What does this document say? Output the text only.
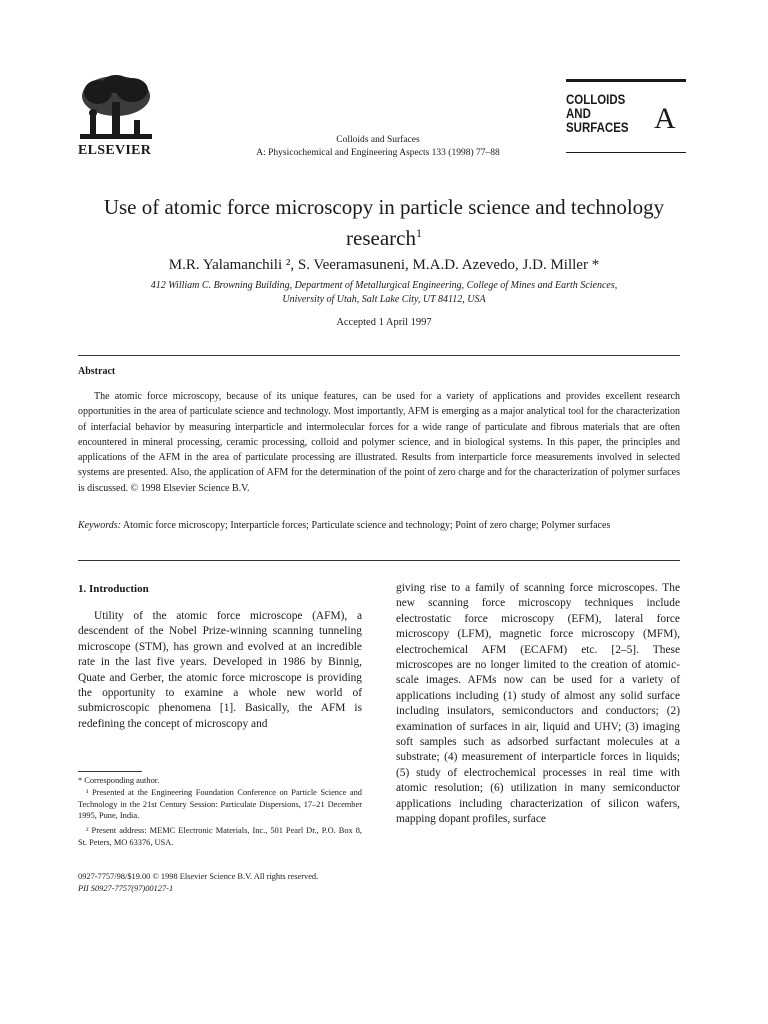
ELSEVIER
Colloids and Surfaces
A: Physicochemical and Engineering Aspects 133 (1998) 77–88
COLLOIDS
AND
SURFACES A
Use of atomic force microscopy in particle science and technology research$^1$
M.R. Yalamanchili ², S. Veeramasuneni, M.A.D. Azevedo, J.D. Miller *
412 William C. Browning Building, Department of Metallurgical Engineering, College of Mines and Earth Sciences,
University of Utah, Salt Lake City, UT 84112, USA
Accepted 1 April 1997
Abstract
The atomic force microscopy, because of its unique features, can be used for a variety of applications and provides excellent research opportunities in the area of particulate science and technology. Most importantly, AFM is emerging as a major analytical tool for the characterization of interfacial behavior by measuring interparticle and intermolecular forces for a wide range of particulate and fibrous materials that are often encountered in mineral processing, ceramic processing, colloid and polymer science, and in biological systems. In this paper, the principles and applications of the AFM in the area of particulate processing are illustrated. Results from interparticle force measurements involved in selected systems are presented. Also, the application of AFM for the determination of the point of zero charge and for the characterization of polymer surfaces is discussed. © 1998 Elsevier Science B.V.
Keywords: Atomic force microscopy; Interparticle forces; Particulate science and technology; Point of zero charge; Polymer surfaces
1. Introduction
Utility of the atomic force microscope (AFM), a descendent of the Nobel Prize-winning scanning tunneling microscope (STM), has grown and evolved at an incredible rate in the last five years. Developed in 1986 by Binnig, Quate and Gerber, the atomic force microscope is providing the opportunity to examine a whole new world of submicroscopic phenomena [1]. Basically, the AFM is redefining the concept of microscopy and
giving rise to a family of scanning force microscopes. The new scanning force microscopy techniques include electrostatic force microscopy (EFM), lateral force microscopy (LFM), magnetic force microscopy (MFM), electrochemical AFM (ECAFM) etc. [2–5]. These microscopes are no longer limited to the creation of atomic-scale images. AFMs now can be used for a variety of applications including (1) study of almost any solid surface including insulators, semiconductors and conductors; (2) examination of surfaces in air, liquid and UHV; (3) imaging soft samples such as adsorbed surfactant molecules at a substrate; (4) measurement of interparticle forces in liquids; (5) study of electrochemical processes in real time with atomic resolution; (6) utilization in many semiconductor applications including characterization of silicon wafers, mapping dopant profiles, surface
* Corresponding author.
¹ Presented at the Engineering Foundation Conference on Particle Science and Technology in the 21st Century Session: Particulate Dispersions, 17–21 December 1995, Pune, India.
² Present address: MEMC Electronic Materials, Inc., 501 Pearl Dr., P.O. Box 8, St. Peters, MO 63376, USA.
0927-7757/98/$19.00 © 1998 Elsevier Science B.V. All rights reserved.
PII S0927-7757(97)00127-1
